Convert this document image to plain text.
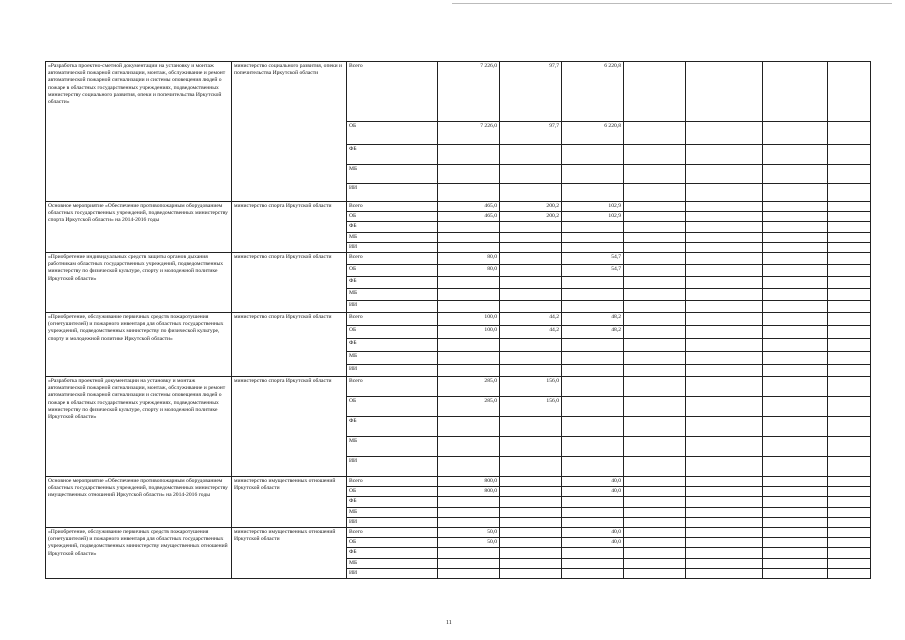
«Разработка проектно-сметной документации на установку и монтаж автоматической пожарной сигнализации, монтаж, обслуживание и ремонт автоматической пожарной сигнализации и системы оповещения людей о пожаре в областных государственных учреждениях, подведомственных министерству социального развития, опеки и попечительства Иркутской области»	министерство социального развития, опеки и попечительства Иркутской области	Всего	7 226,0	97,7	6 220,8				
		ОБ	7 226,0	97,7	6 220,8				
		ФБ							
		МБ							
		ИИ							
Основное мероприятие «Обеспечение противопожарным оборудованием областных государственных учреждений, подведомственных министерству спорта Иркутской области» на 2014-2016 годы	министерство спорта Иркутской области	Всего	465,0	200,2	102,9				
		ОБ	465,0	200,2	102,9				
		ФБ							
		МБ							
		ИИ							
«Приобретение индивидуальных средств защиты органов дыхания работникам областных государственных учреждений, подведомственных министерству по физической культуре, спорту и молодежной политике Иркутской области»	министерство спорта Иркутской области	Всего	80,0		54,7				
		ОБ	80,0		54,7				
		ФБ							
		МБ							
		ИИ							
«Приобретение, обслуживание первичных средств пожаротушения (огнетушителей) и пожарного инвентаря для областных государственных учреждений, подведомственных министерству по физической культуре, спорту и молодежной политике Иркутской области»	министерство спорта Иркутской области	Всего	100,0	44,2	48,2				
		ОБ	100,0	44,2	48,2				
		ФБ							
		МБ							
		ИИ							
«Разработка проектной документации на установку и монтаж автоматической пожарной сигнализации, монтаж, обслуживание и ремонт автоматической пожарной сигнализации и системы оповещения людей о пожаре в областных государственных учреждениях, подведомственных министерству по физической культуре, спорту и молодежной политике Иркутской области»	министерство спорта Иркутской области	Всего	285,0	156,0					
		ОБ	285,0	156,0					
		ФБ							
		МБ							
		ИИ							
Основное мероприятие «Обеспечение противопожарным оборудованием областных государственных учреждений, подведомственных министерству имущественных отношений Иркутской области» на 2014-2016 годы	министерство имущественных отношений Иркутской области	Всего	800,0		40,0				
		ОБ	800,0		40,0				
		ФБ							
		МБ							
		ИИ							
«Приобретение, обслуживание первичных средств пожаротушения (огнетушителей) и пожарного инвентаря для областных государственных учреждений, подведомственных министерству имущественных отношений Иркутской области»	министерство имущественных отношений Иркутской области	Всего	50,0		40,0				
		ОБ	50,0		40,0				
		ФБ							
		МБ							
		ИИ							
11
